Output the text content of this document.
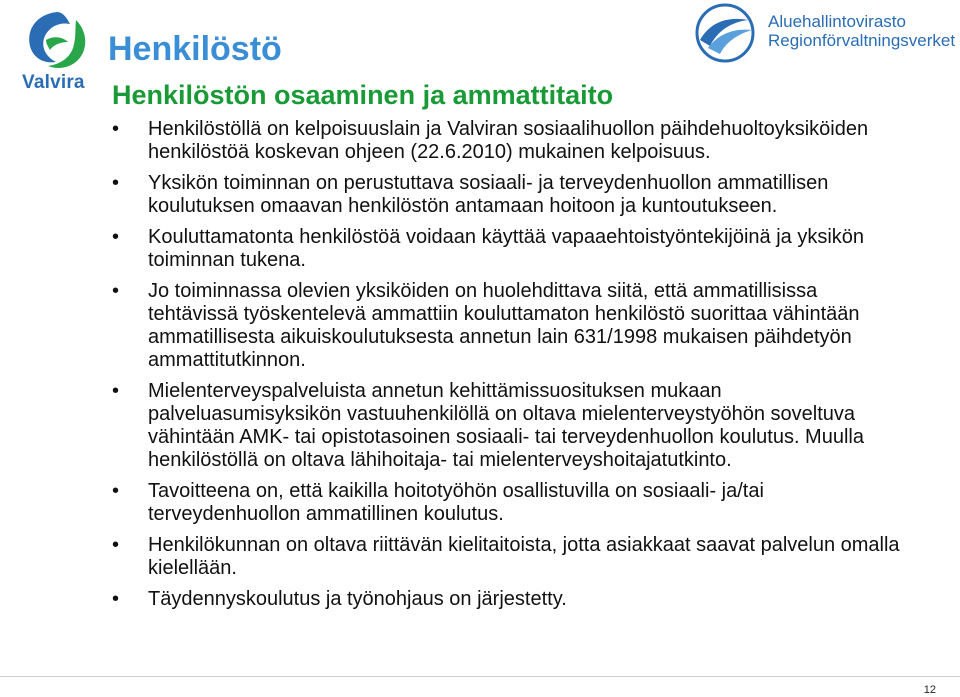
Valvira
Aluehallintovirasto
Regionförvaltningsverket
Henkilöstö
Henkilöstön osaaminen ja ammattitaito
• Henkilöstöllä on kelpoisuuslain ja Valviran sosiaalihuollon päihdehuoltoyksiköiden henkilöstöä koskevan ohjeen (22.6.2010) mukainen kelpoisuus.
• Yksikön toiminnan on perustuttava sosiaali- ja terveydenhuollon ammatillisen koulutuksen omaavan henkilöstön antamaan hoitoon ja kuntoutukseen.
• Kouluttamatonta henkilöstöä voidaan käyttää vapaaehtoistyöntekijöinä ja yksikön toiminnan tukena.
• Jo toiminnassa olevien yksiköiden on huolehdittava siitä, että ammatillisissa tehtävissä työskentelevä ammattiin kouluttamaton henkilöstö suorittaa vähintään ammatillisesta aikuiskoulutuksesta annetun lain 631/1998 mukaisen päihdetyön ammattitutkinnon.
• Mielenterveyspalveluista annetun kehittämissuosituksen mukaan palveluasumisyksikön vastuuhenkilöllä on oltava mielenterveystyöhön soveltuva vähintään AMK- tai opistotasoinen sosiaali- tai terveydenhuollon koulutus. Muulla henkilöstöllä on oltava lähihoitaja- tai mielenterveyshoitajatutkinto.
• Tavoitteena on, että kaikilla hoitotyöhön osallistuvilla on sosiaali- ja/tai terveydenhuollon ammatillinen koulutus.
• Henkilökunnan on oltava riittävän kielitaitoista, jotta asiakkaat saavat palvelun omalla kielellään.
• Täydennyskoulutus ja työnohjaus on järjestetty.
12
